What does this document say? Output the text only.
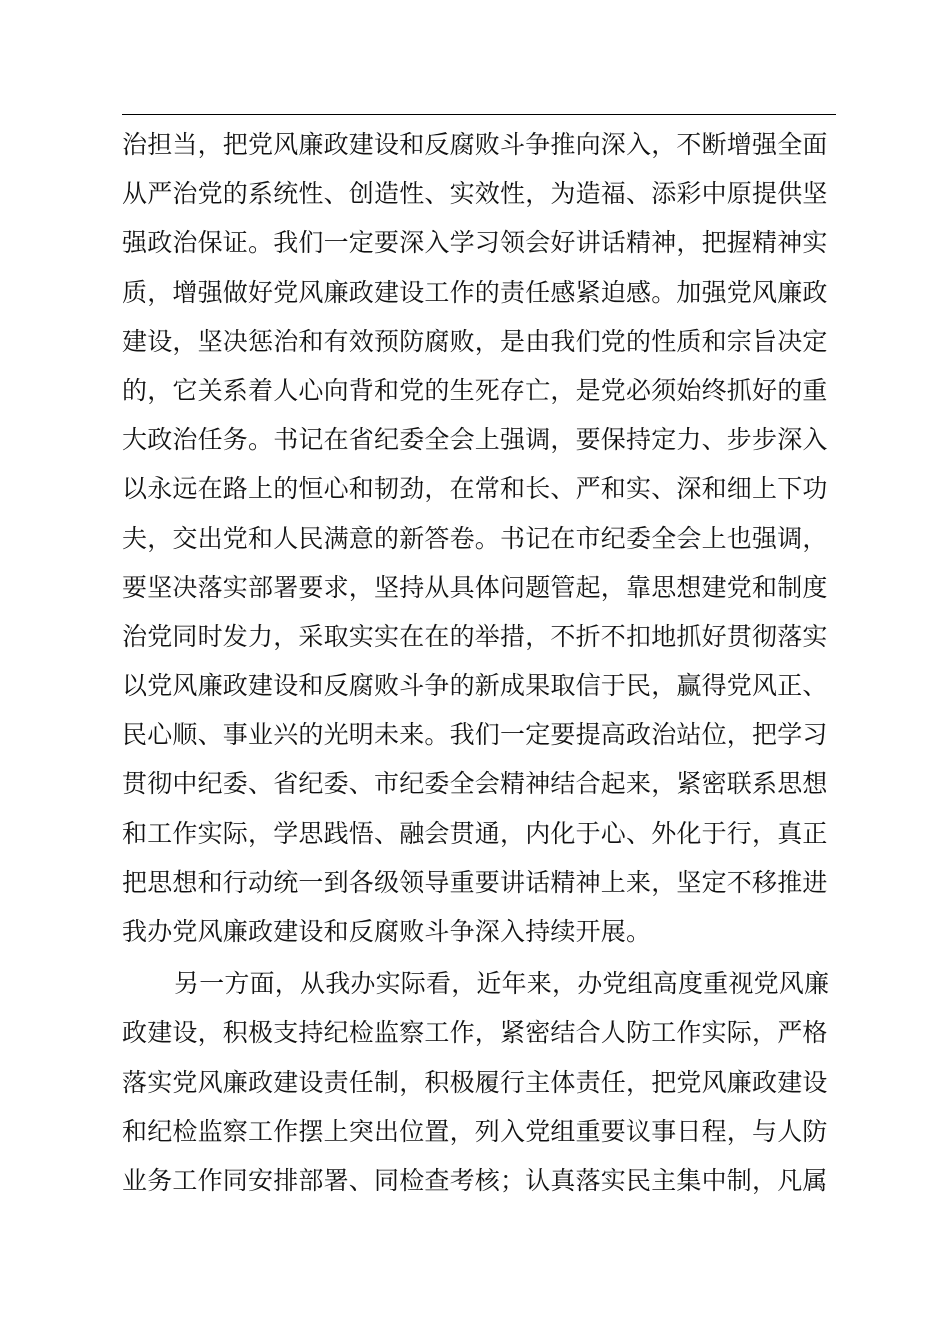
治担当，把党风廉政建设和反腐败斗争推向深入，不断增强全面
从严治党的系统性、创造性、实效性，为造福、添彩中原提供坚
强政治保证。我们一定要深入学习领会好讲话精神，把握精神实
质，增强做好党风廉政建设工作的责任感紧迫感。加强党风廉政
建设，坚决惩治和有效预防腐败，是由我们党的性质和宗旨决定
的，它关系着人心向背和党的生死存亡，是党必须始终抓好的重
大政治任务。书记在省纪委全会上强调，要保持定力、步步深入
以永远在路上的恒心和韧劲，在常和长、严和实、深和细上下功
夫，交出党和人民满意的新答卷。书记在市纪委全会上也强调，
要坚决落实部署要求，坚持从具体问题管起，靠思想建党和制度
治党同时发力，采取实实在在的举措，不折不扣地抓好贯彻落实
以党风廉政建设和反腐败斗争的新成果取信于民，赢得党风正、
民心顺、事业兴的光明未来。我们一定要提高政治站位，把学习
贯彻中纪委、省纪委、市纪委全会精神结合起来，紧密联系思想
和工作实际，学思践悟、融会贯通，内化于心、外化于行，真正
把思想和行动统一到各级领导重要讲话精神上来，坚定不移推进
我办党风廉政建设和反腐败斗争深入持续开展。
另一方面，从我办实际看，近年来，办党组高度重视党风廉
政建设，积极支持纪检监察工作，紧密结合人防工作实际，严格
落实党风廉政建设责任制，积极履行主体责任，把党风廉政建设
和纪检监察工作摆上突出位置，列入党组重要议事日程，与人防
业务工作同安排部署、同检查考核；认真落实民主集中制，凡属
